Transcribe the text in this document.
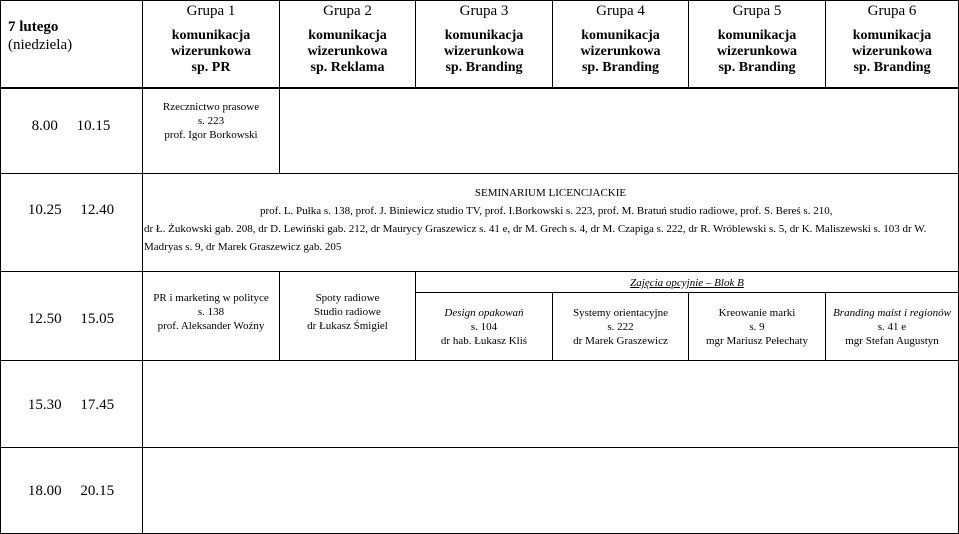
7 lutego
(niedziela)
Grupa 1
komunikacja
wizerunkowa
sp. PR
Grupa 2
komunikacja
wizerunkowa
sp. Reklama
Grupa 3
komunikacja
wizerunkowa
sp. Branding
Grupa 4
komunikacja
wizerunkowa
sp. Branding
Grupa 5
komunikacja
wizerunkowa
sp. Branding
Grupa 6
komunikacja
wizerunkowa
sp. Branding
8.00     10.15
10.25     12.40
12.50     15.05
15.30     17.45
18.00     20.15
Rzecznictwo prasowe
s. 223
prof. Igor Borkowski
SEMINARIUM LICENCJACKIE
prof. L. Pułka s. 138, prof. J. Biniewicz studio TV, prof. I.Borkowski s. 223, prof. M. Bratuń studio radiowe, prof. S. Bereś s. 210,
dr Ł. Żukowski gab. 208, dr D. Lewiński gab. 212, dr Maurycy Graszewicz s. 41 e, dr M. Grech s. 4, dr M. Czapiga s. 222, dr R. Wróblewski s. 5, dr K. Maliszewski s. 103 dr W.
Madryas s. 9, dr Marek Graszewicz gab. 205
Zajęcia opcyjnie – Blok B
PR i marketing w polityce
s. 138
prof. Aleksander Woźny
Spoty radiowe
Studio radiowe
dr Łukasz Śmigiel
Design opakowań
s. 104
dr hab. Łukasz Kliś
Systemy orientacyjne
s. 222
dr Marek Graszewicz
Kreowanie marki
s. 9
mgr Mariusz Pełechaty
Branding maist i regionów
s. 41 e
mgr Stefan Augustyn
